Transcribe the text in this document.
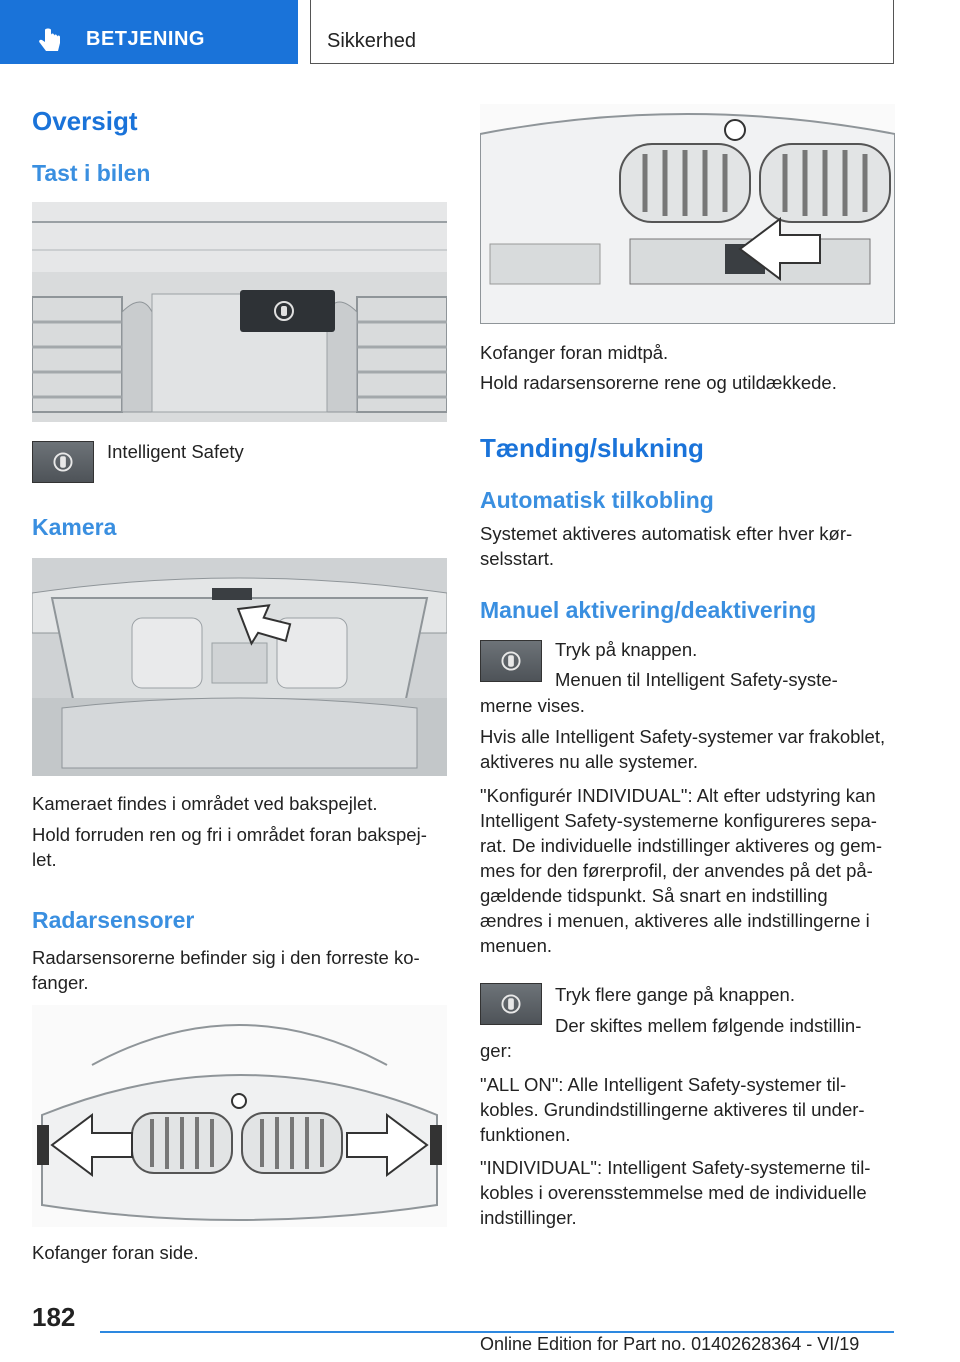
BETJENING	Sikkerhed
Oversigt
Tast i bilen
Intelligent Safety
Kamera
Kameraet findes i området ved bakspejlet.
Hold forruden ren og fri i området foran bakspej-
let.
Radarsensorer
Radarsensorerne befinder sig i den forreste ko-
fanger.
Kofanger foran side.
Kofanger foran midtpå.
Hold radarsensorerne rene og utildækkede.
Tænding/slukning
Automatisk tilkobling
Systemet aktiveres automatisk efter hver kør-
selsstart.
Manuel aktivering/deaktivering
Tryk på knappen.
Menuen til Intelligent Safety-syste-
merne vises.
Hvis alle Intelligent Safety-systemer var frakoblet,
aktiveres nu alle systemer.
"Konfigurér INDIVIDUAL": Alt efter udstyring kan
Intelligent Safety-systemerne konfigureres sepa-
rat. De individuelle indstillinger aktiveres og gem-
mes for den førerprofil, der anvendes på det på-
gældende tidspunkt. Så snart en indstilling
ændres i menuen, aktiveres alle indstillingerne i
menuen.
Tryk flere gange på knappen.
Der skiftes mellem følgende indstillin-
ger:
"ALL ON": Alle Intelligent Safety-systemer til-
kobles. Grundindstillingerne aktiveres til under-
funktionen.
"INDIVIDUAL": Intelligent Safety-systemerne til-
kobles i overensstemmelse med de individuelle
indstillinger.
182
Online Edition for Part no. 01402628364 - VI/19
